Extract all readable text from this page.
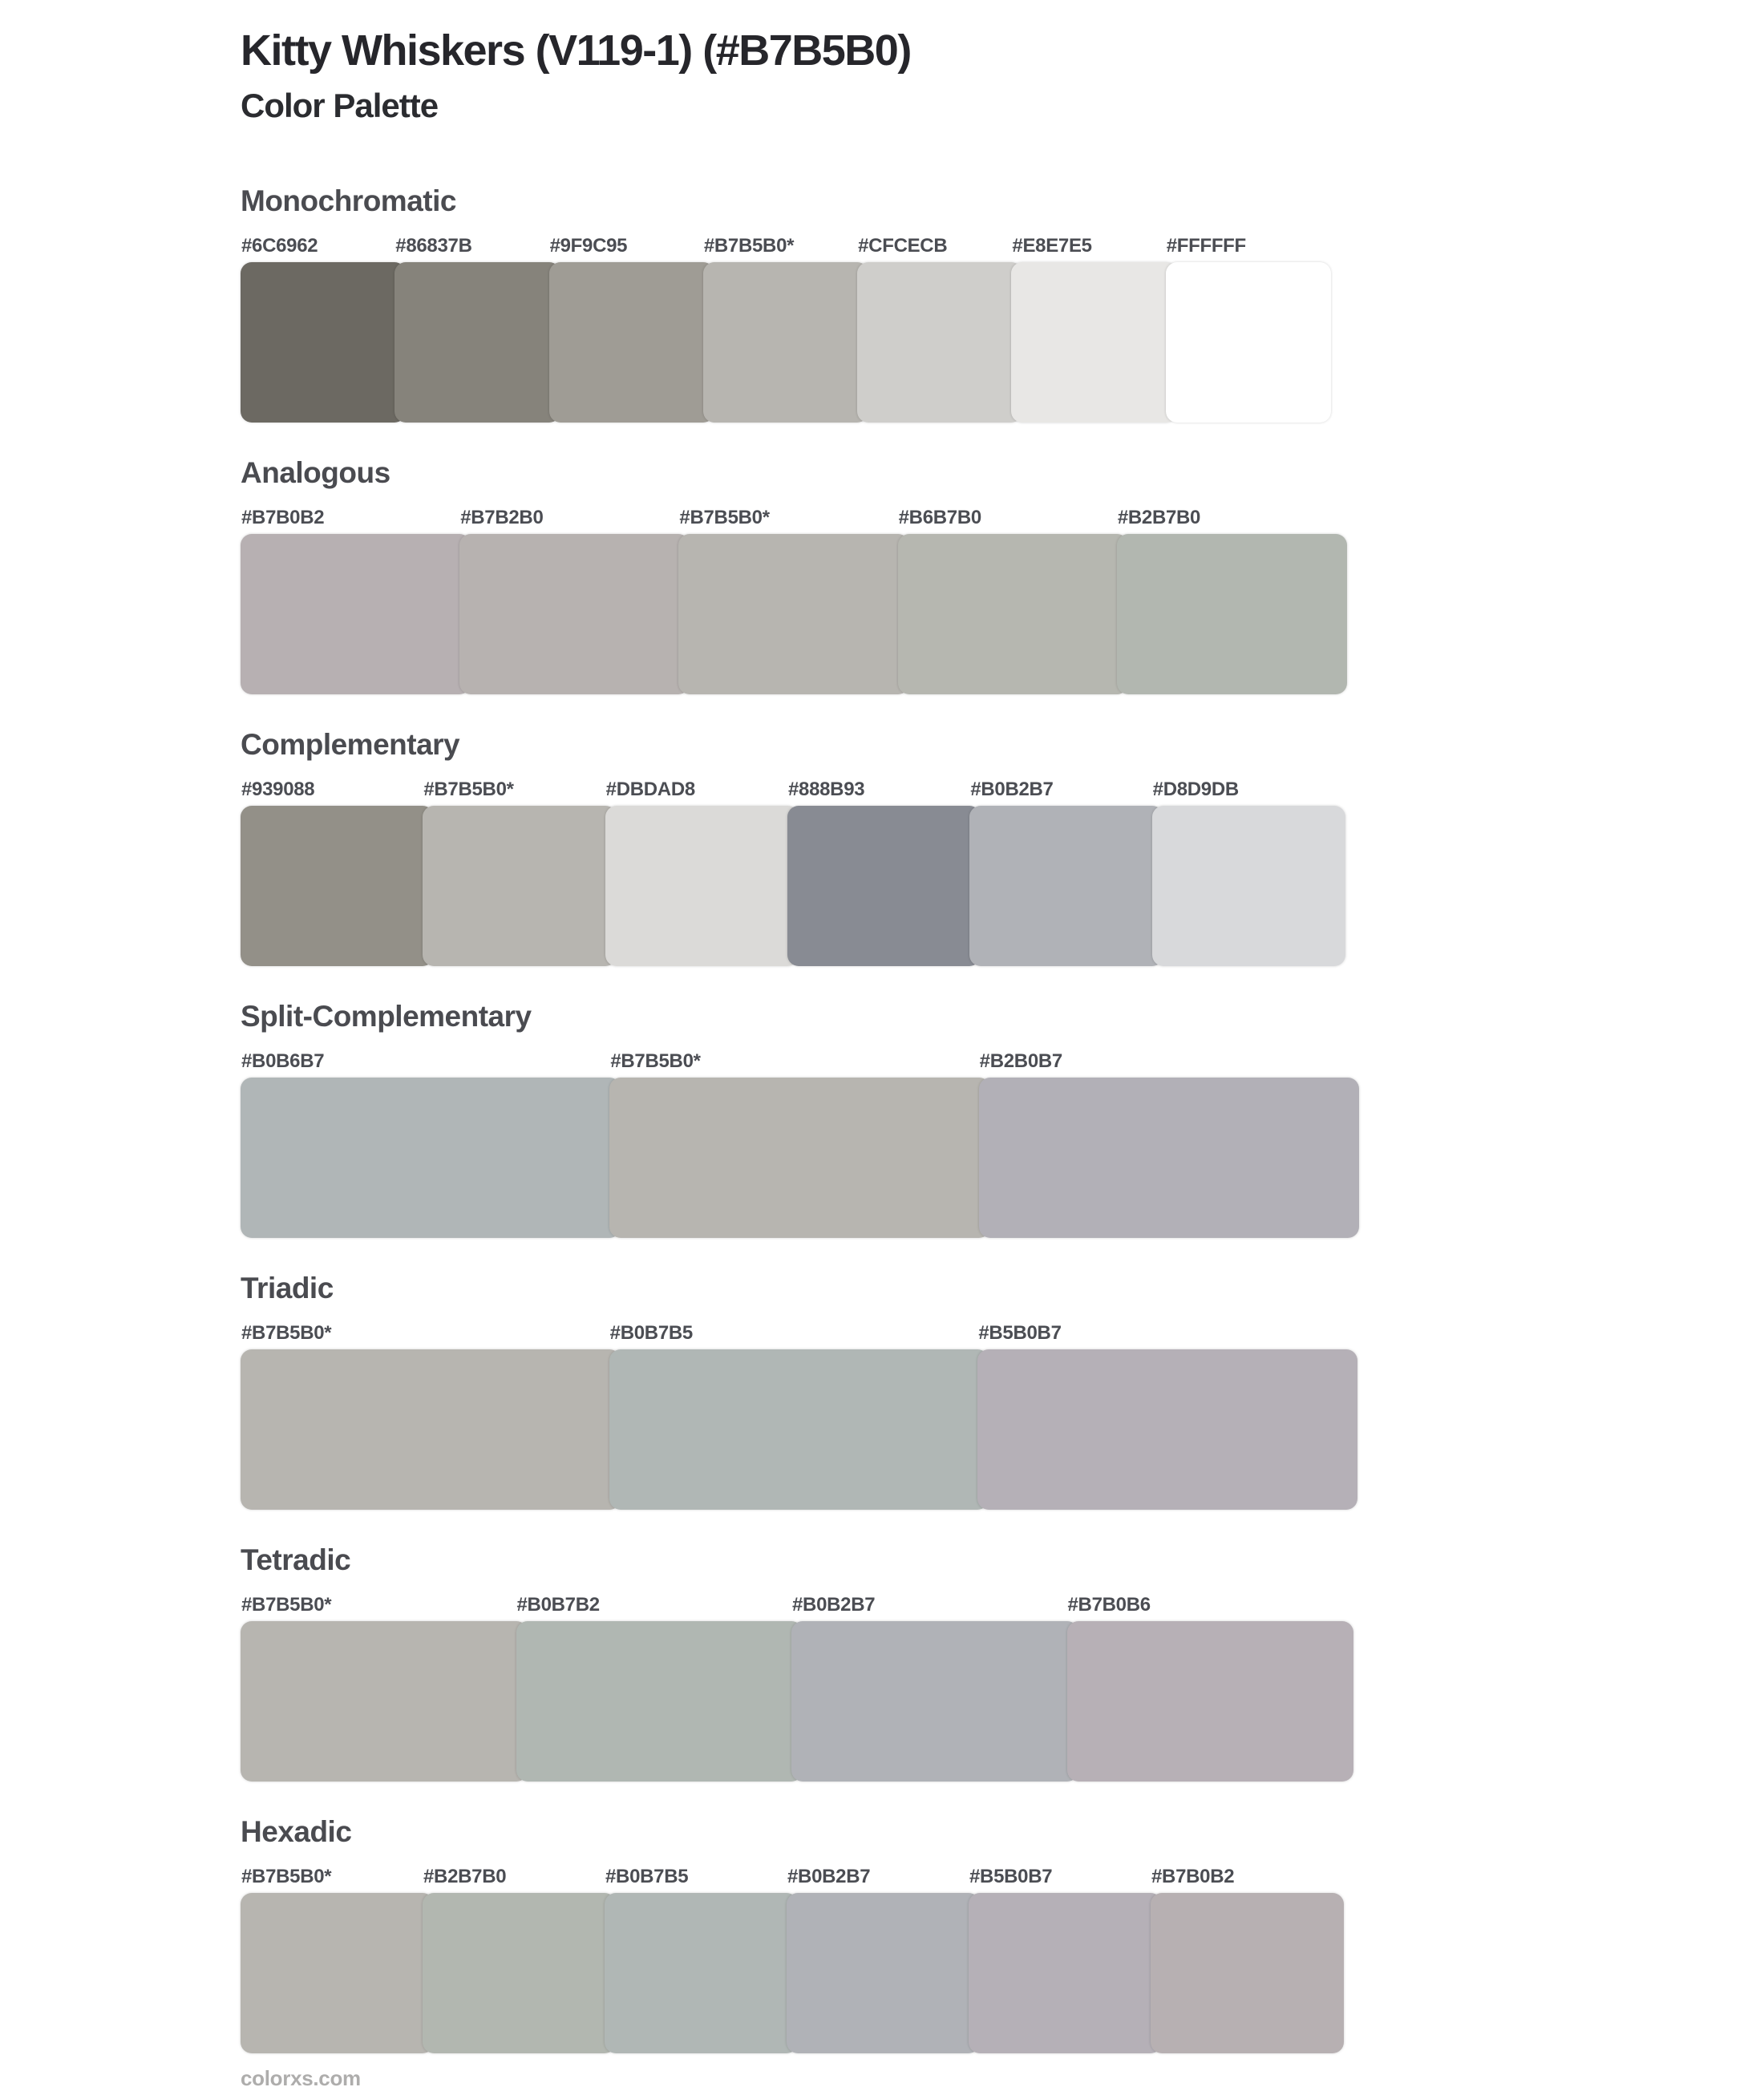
Kitty Whiskers (V119-1) (#B7B5B0)
Color Palette
Monochromatic
#6C6962	#86837B	#9F9C95	#B7B5B0*	#CFCECB	#E8E7E5	#FFFFFF
Analogous
#B7B0B2	#B7B2B0	#B7B5B0*	#B6B7B0	#B2B7B0
Complementary
#939088	#B7B5B0*	#DBDAD8	#888B93	#B0B2B7	#D8D9DB
Split-Complementary
#B0B6B7	#B7B5B0*	#B2B0B7
Triadic
#B7B5B0*	#B0B7B5	#B5B0B7
Tetradic
#B7B5B0*	#B0B7B2	#B0B2B7	#B7B0B6
Hexadic
#B7B5B0*	#B2B7B0	#B0B7B5	#B0B2B7	#B5B0B7	#B7B0B2
colorxs.com
